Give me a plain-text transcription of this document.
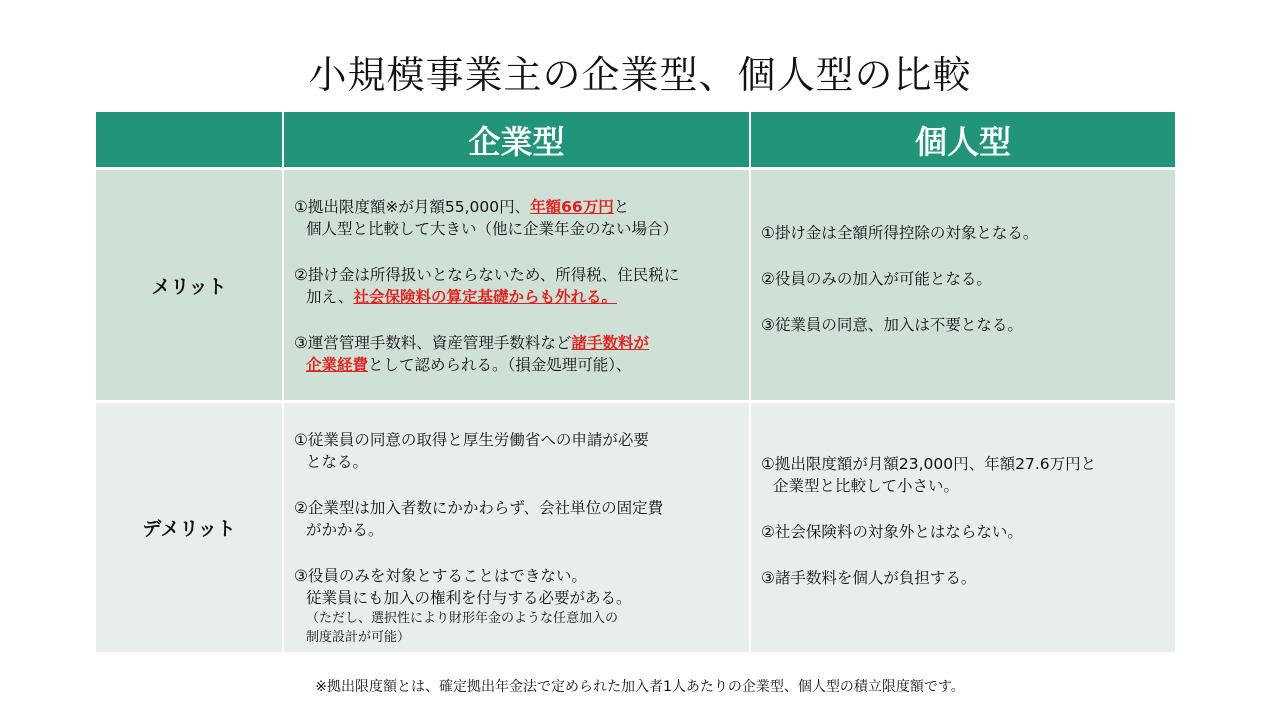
小規模事業主の企業型、個人型の比較
企業型	個人型
メリット
①拠出限度額※が月額55,000円、年額66万円と
個人型と比較して大きい（他に企業年金のない場合）
②掛け金は所得扱いとならないため、所得税、住民税に
加え、社会保険料の算定基礎からも外れる。
③運営管理手数料、資産管理手数料など諸手数料が
企業経費として認められる。（損金処理可能）、
①掛け金は全額所得控除の対象となる。
②役員のみの加入が可能となる。
③従業員の同意、加入は不要となる。
デメリット
①従業員の同意の取得と厚生労働省への申請が必要
となる。
②企業型は加入者数にかかわらず、会社単位の固定費
がかかる。
③役員のみを対象とすることはできない。
従業員にも加入の権利を付与する必要がある。
（ただし、選択性により財形年金のような任意加入の
制度設計が可能）
①拠出限度額が月額23,000円、年額27.6万円と
企業型と比較して小さい。
②社会保険料の対象外とはならない。
③諸手数料を個人が負担する。
※拠出限度額とは、確定拠出年金法で定められた加入者1人あたりの企業型、個人型の積立限度額です。
